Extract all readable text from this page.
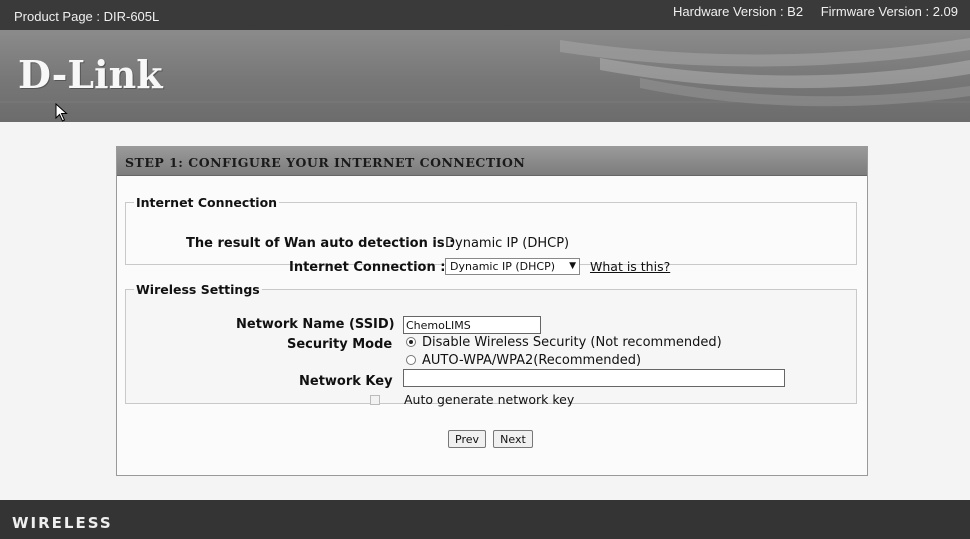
Product Page : DIR-605L	Hardware Version : B2 Firmware Version : 2.09
D-Link
STEP 1: CONFIGURE YOUR INTERNET CONNECTION
Internet Connection
The result of Wan auto detection is :
Dynamic IP (DHCP)
Internet Connection : Dynamic IP (DHCP) ▼ What is this?
Wireless Settings
Network Name (SSID) ChemoLIMS
Security Mode Disable Wireless Security (Not recommended)
AUTO-WPA/WPA2(Recommended)
Network Key
Auto generate network key
Prev	Next
WIRELESS
